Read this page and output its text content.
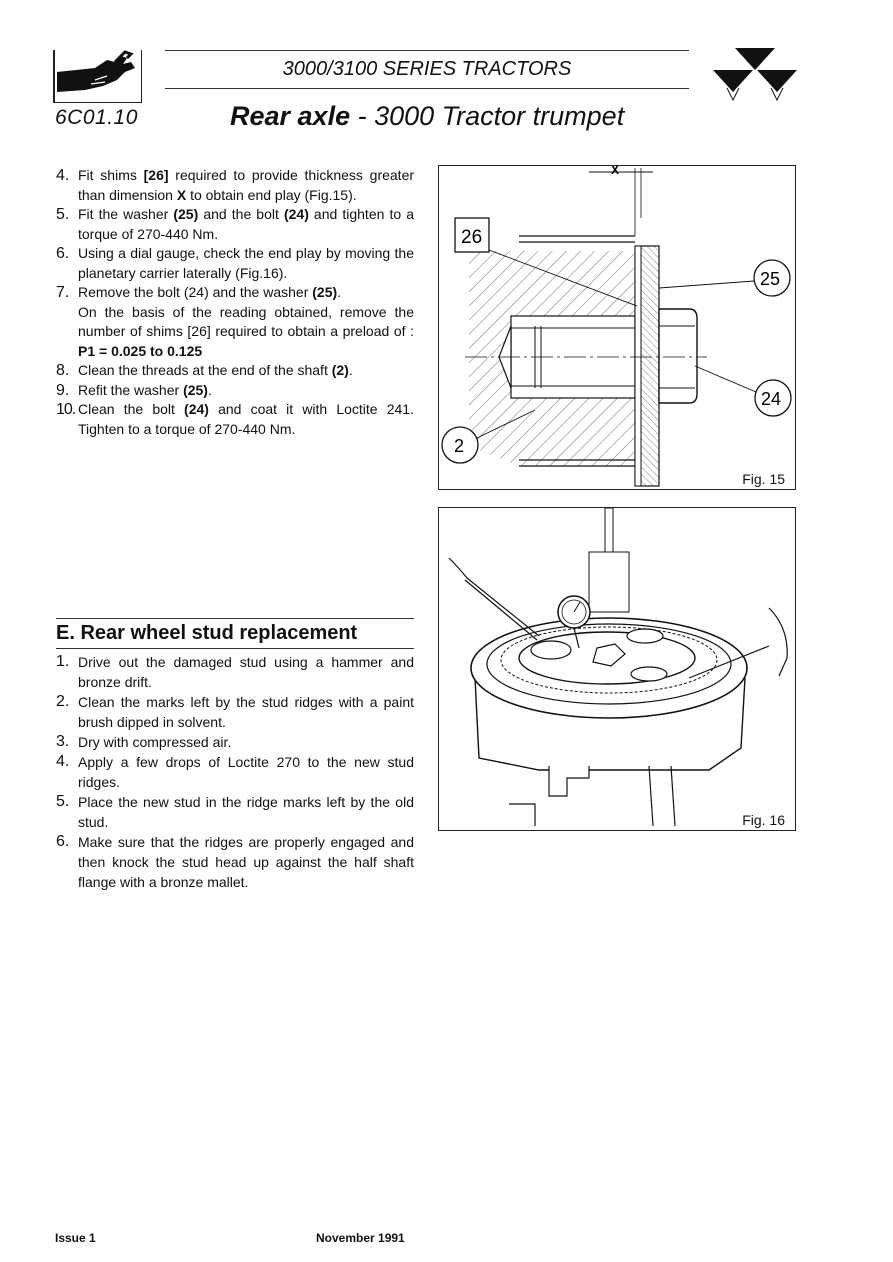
6C01.10
3000/3100 SERIES TRACTORS
Rear axle - 3000 Tractor trumpet
4. Fit shims [26] required to provide thickness greater than dimension X to obtain end play (Fig.15).
5. Fit the washer (25) and the bolt (24) and tighten to a torque of 270-440 Nm.
6. Using a dial gauge, check the end play by moving the planetary carrier laterally (Fig.16).
7. Remove the bolt (24) and the washer (25).
On the basis of the reading obtained, remove the number of shims [26] required to obtain a preload of : P1 = 0.025 to 0.125
8. Clean the threads at the end of the shaft (2).
9. Refit the washer (25).
10. Clean the bolt (24) and coat it with Loctite 241. Tighten to a torque of 270-440 Nm.
E. Rear wheel stud replacement
1. Drive out the damaged stud using a hammer and bronze drift.
2. Clean the marks left by the stud ridges with a paint brush dipped in solvent.
3. Dry with compressed air.
4. Apply a few drops of Loctite 270 to the new stud ridges.
5. Place the new stud in the ridge marks left by the old stud.
6. Make sure that the ridges are properly engaged and then knock the stud head up against the half shaft flange with a bronze mallet.
X
26
25
24
2
Fig. 15
Fig. 16
Issue 1	November 1991
